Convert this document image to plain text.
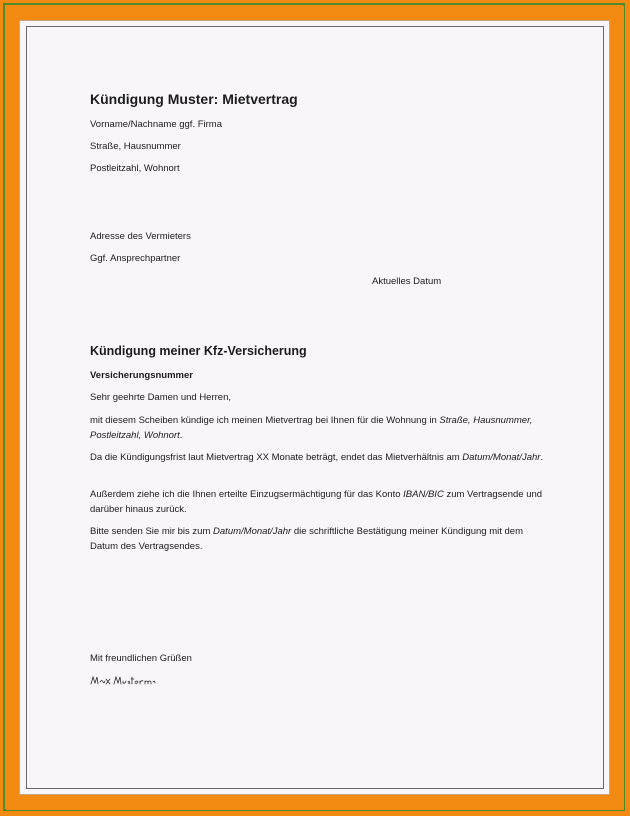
Kündigung Muster: Mietvertrag
Vorname/Nachname ggf. Firma
Straße, Hausnummer
Postleitzahl, Wohnort
Adresse des Vermieters
Ggf. Ansprechpartner
Aktuelles Datum
Kündigung meiner Kfz-Versicherung
Versicherungsnummer
Sehr geehrte Damen und Herren,
mit diesem Scheiben kündige ich meinen Mietvertrag bei Ihnen für die Wohnung in Straße, Hausnummer, Postleitzahl, Wohnort.
Da die Kündigungsfrist laut Mietvertrag XX Monate beträgt, endet das Mietverhältnis am Datum/Monat/Jahr.
Außerdem ziehe ich die Ihnen erteilte Einzugsermächtigung für das Konto IBAN/BIC zum Vertragsende und darüber hinaus zurück.
Bitte senden Sie mir bis zum Datum/Monat/Jahr die schriftliche Bestätigung meiner Kündigung mit dem Datum des Vertragsendes.
Mit freundlichen Grüßen
